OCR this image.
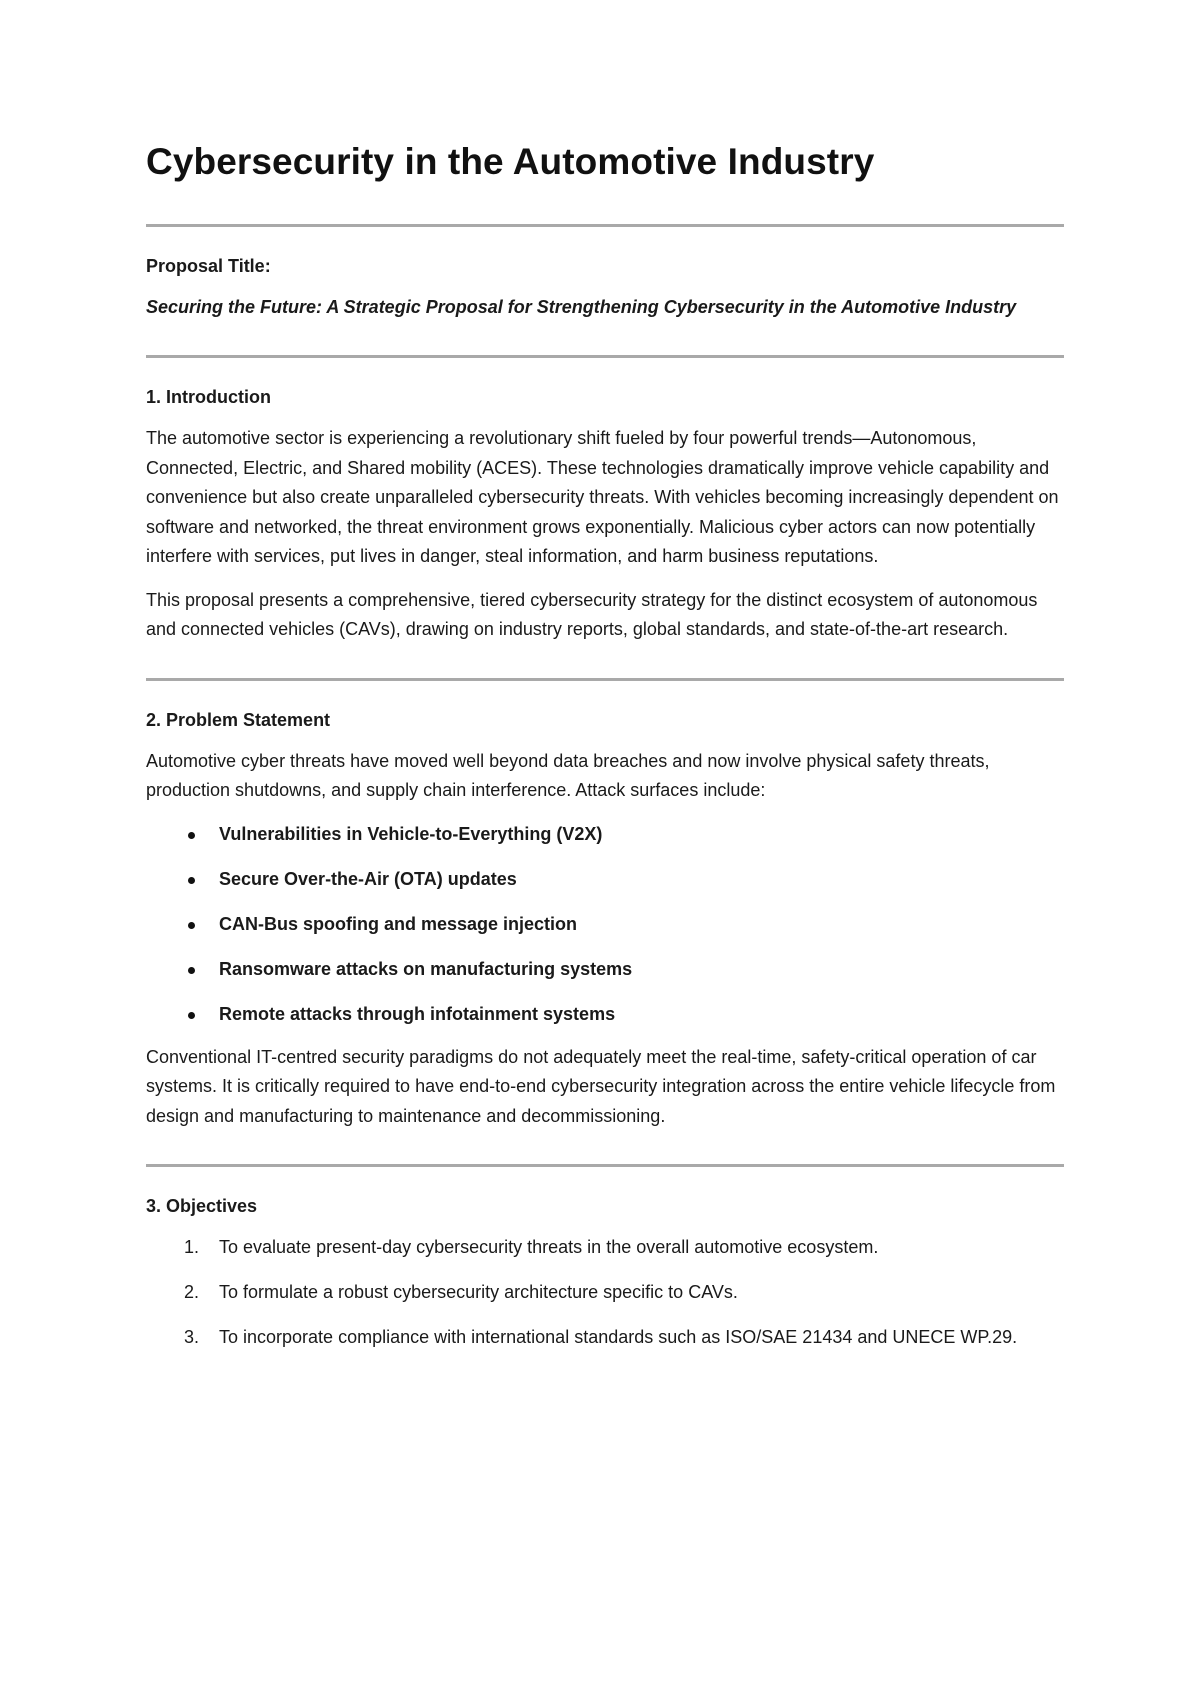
Cybersecurity in the Automotive Industry

Proposal Title:

Securing the Future: A Strategic Proposal for Strengthening Cybersecurity in the Automotive Industry

1. Introduction

The automotive sector is experiencing a revolutionary shift fueled by four powerful trends—Autonomous, Connected, Electric, and Shared mobility (ACES). These technologies dramatically improve vehicle capability and convenience but also create unparalleled cybersecurity threats. With vehicles becoming increasingly dependent on software and networked, the threat environment grows exponentially. Malicious cyber actors can now potentially interfere with services, put lives in danger, steal information, and harm business reputations.

This proposal presents a comprehensive, tiered cybersecurity strategy for the distinct ecosystem of autonomous and connected vehicles (CAVs), drawing on industry reports, global standards, and state-of-the-art research.

2. Problem Statement

Automotive cyber threats have moved well beyond data breaches and now involve physical safety threats, production shutdowns, and supply chain interference. Attack surfaces include:

Vulnerabilities in Vehicle-to-Everything (V2X)
Secure Over-the-Air (OTA) updates
CAN-Bus spoofing and message injection
Ransomware attacks on manufacturing systems
Remote attacks through infotainment systems

Conventional IT-centred security paradigms do not adequately meet the real-time, safety-critical operation of car systems. It is critically required to have end-to-end cybersecurity integration across the entire vehicle lifecycle from design and manufacturing to maintenance and decommissioning.

3. Objectives

1. To evaluate present-day cybersecurity threats in the overall automotive ecosystem.
2. To formulate a robust cybersecurity architecture specific to CAVs.
3. To incorporate compliance with international standards such as ISO/SAE 21434 and UNECE WP.29.
